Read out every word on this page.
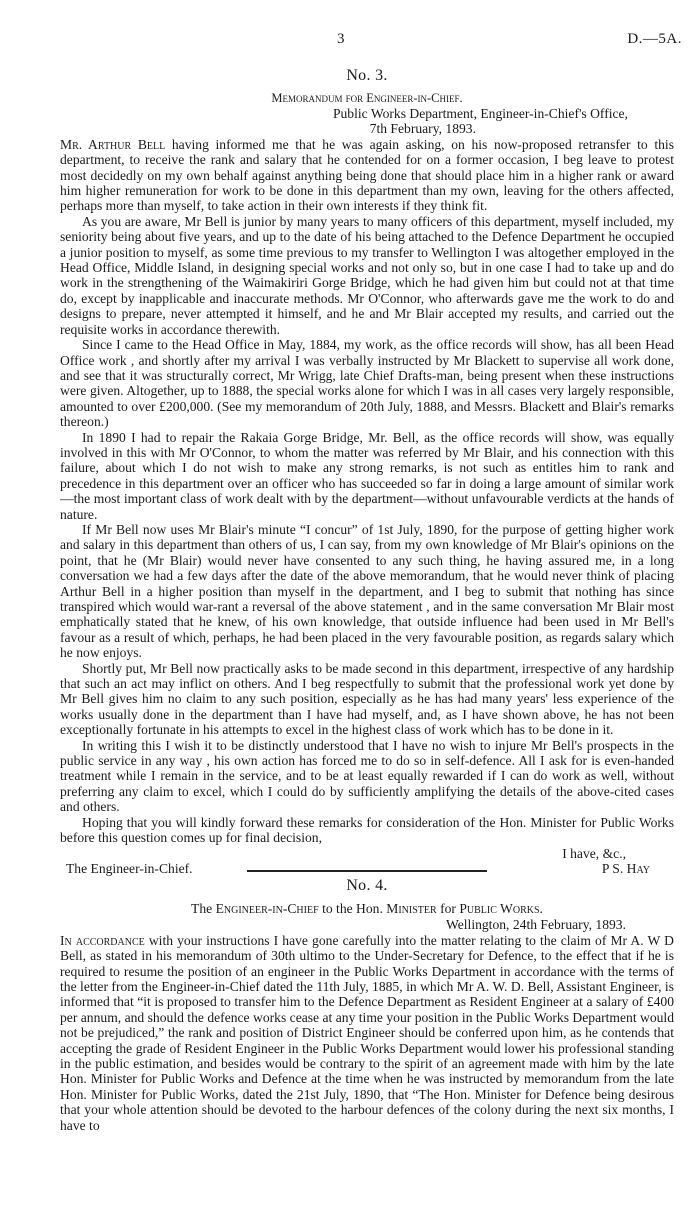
3	D.—5A.
No. 3.
Memorandum for Engineer-in-Chief.
Public Works Department, Engineer-in-Chief's Office,
7th February, 1893.

Mr. Arthur Bell having informed me that he was again asking, on his now-proposed retransfer to this department, to receive the rank and salary that he contended for on a former occasion, I beg leave to protest most decidedly on my own behalf against anything being done that should place him in a higher rank or award him higher remuneration for work to be done in this department than my own, leaving for the others affected, perhaps more than myself, to take action in their own interests if they think fit.

As you are aware, Mr Bell is junior by many years to many officers of this department, myself included, my seniority being about five years, and up to the date of his being attached to the Defence Department he occupied a junior position to myself, as some time previous to my transfer to Wellington I was altogether employed in the Head Office, Middle Island, in designing special works and not only so, but in one case I had to take up and do work in the strengthening of the Waimakiriri Gorge Bridge, which he had given him but could not at that time do, except by inapplicable and inaccurate methods. Mr O'Connor, who afterwards gave me the work to do and designs to prepare, never attempted it himself, and he and Mr Blair accepted my results, and carried out the requisite works in accordance therewith.

Since I came to the Head Office in May, 1884, my work, as the office records will show, has all been Head Office work , and shortly after my arrival I was verbally instructed by Mr Blackett to supervise all work done, and see that it was structurally correct, Mr Wrigg, late Chief Drafts-man, being present when these instructions were given. Altogether, up to 1888, the special works alone for which I was in all cases very largely responsible, amounted to over £200,000. (See my memorandum of 20th July, 1888, and Messrs. Blackett and Blair's remarks thereon.)

In 1890 I had to repair the Rakaia Gorge Bridge, Mr. Bell, as the office records will show, was equally involved in this with Mr O'Connor, to whom the matter was referred by Mr Blair, and his connection with this failure, about which I do not wish to make any strong remarks, is not such as entitles him to rank and precedence in this department over an officer who has succeeded so far in doing a large amount of similar work—the most important class of work dealt with by the department—without unfavourable verdicts at the hands of nature.

If Mr Bell now uses Mr Blair's minute “I concur” of 1st July, 1890, for the purpose of getting higher work and salary in this department than others of us, I can say, from my own knowledge of Mr Blair's opinions on the point, that he (Mr Blair) would never have consented to any such thing, he having assured me, in a long conversation we had a few days after the date of the above memorandum, that he would never think of placing Arthur Bell in a higher position than myself in the department, and I beg to submit that nothing has since transpired which would war-rant a reversal of the above statement , and in the same conversation Mr Blair most emphatically stated that he knew, of his own knowledge, that outside influence had been used in Mr Bell's favour as a result of which, perhaps, he had been placed in the very favourable position, as regards salary which he now enjoys.

Shortly put, Mr Bell now practically asks to be made second in this department, irrespective of any hardship that such an act may inflict on others. And I beg respectfully to submit that the professional work yet done by Mr Bell gives him no claim to any such position, especially as he has had many years' less experience of the works usually done in the department than I have had myself, and, as I have shown above, he has not been exceptionally fortunate in his attempts to excel in the highest class of work which has to be done in it.

In writing this I wish it to be distinctly understood that I have no wish to injure Mr Bell's prospects in the public service in any way , his own action has forced me to do so in self-defence. All I ask for is even-handed treatment while I remain in the service, and to be at least equally rewarded if I can do work as well, without preferring any claim to excel, which I could do by sufficiently amplifying the details of the above-cited cases and others.

Hoping that you will kindly forward these remarks for consideration of the Hon. Minister for Public Works before this question comes up for final decision,

I have, &c.,
The Engineer-in-Chief.	P S. Hay
No. 4.
The Engineer-in-Chief to the Hon. Minister for Public Works.
Wellington, 24th February, 1893.

In accordance with your instructions I have gone carefully into the matter relating to the claim of Mr A. W D Bell, as stated in his memorandum of 30th ultimo to the Under-Secretary for Defence, to the effect that if he is required to resume the position of an engineer in the Public Works Department in accordance with the terms of the letter from the Engineer-in-Chief dated the 11th July, 1885, in which Mr A. W. D. Bell, Assistant Engineer, is informed that “it is proposed to transfer him to the Defence Department as Resident Engineer at a salary of £400 per annum, and should the defence works cease at any time your position in the Public Works Department would not be prejudiced,” the rank and position of District Engineer should be conferred upon him, as he contends that accepting the grade of Resident Engineer in the Public Works Department would lower his professional standing in the public estimation, and besides would be contrary to the spirit of an agreement made with him by the late Hon. Minister for Public Works and Defence at the time when he was instructed by memorandum from the late Hon. Minister for Public Works, dated the 21st July, 1890, that “The Hon. Minister for Defence being desirous that your whole attention should be devoted to the harbour defences of the colony during the next six months, I have to
